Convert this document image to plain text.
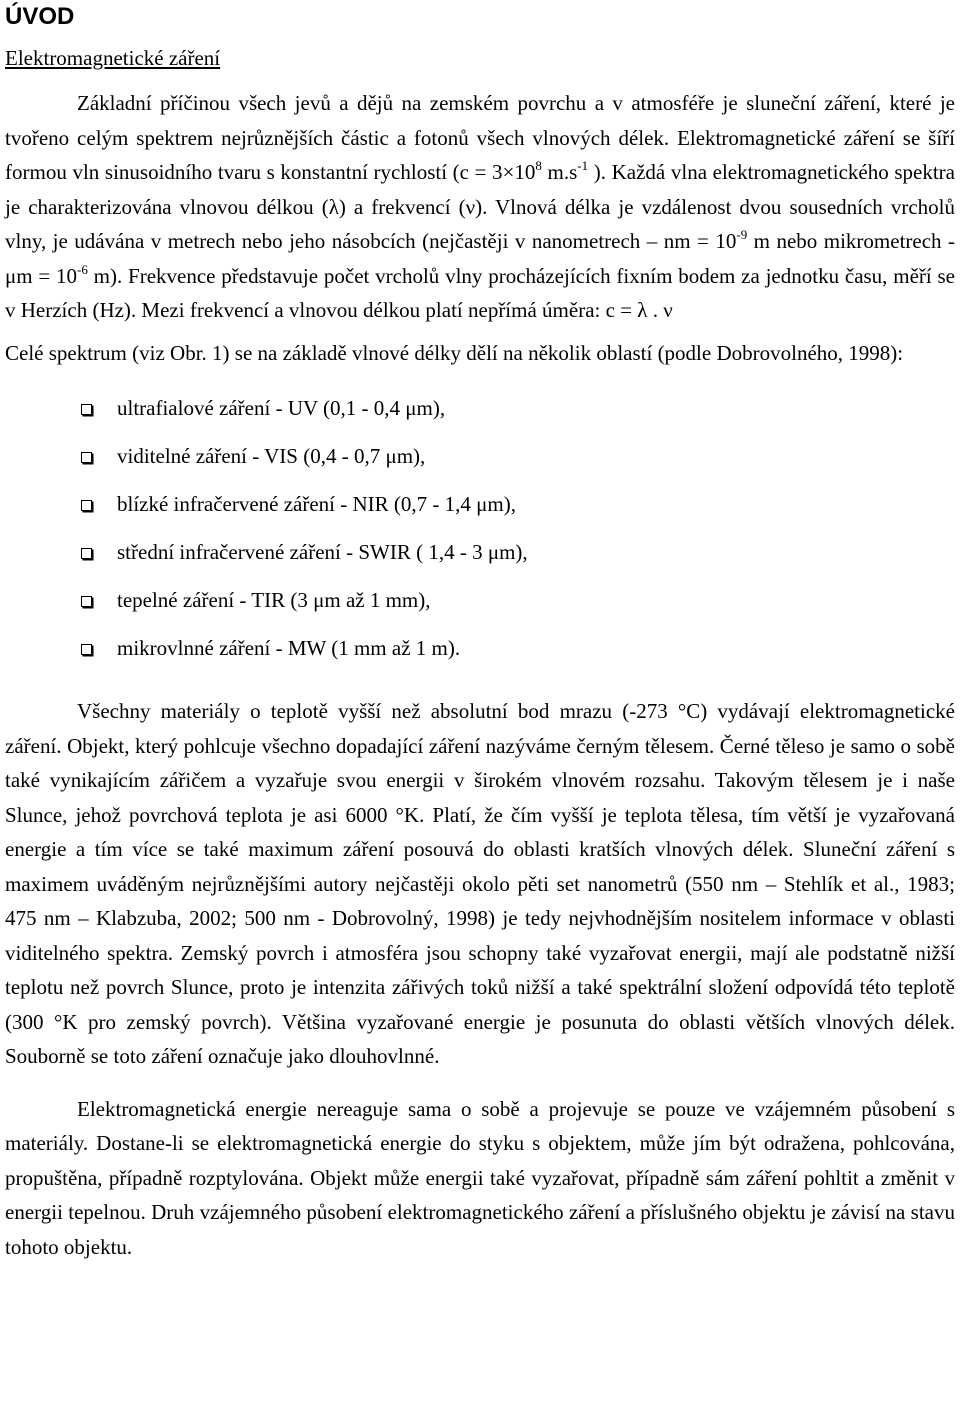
ÚVOD
Elektromagnetické záření

Základní příčinou všech jevů a dějů na zemském povrchu a v atmosféře je sluneční záření, které je tvořeno celým spektrem nejrůznějších částic a fotonů všech vlnových délek. Elektromagnetické záření se šíří formou vln sinusoidního tvaru s konstantní rychlostí ($c = 3\times 10^8$ $m.s^{-1}$ ). Každá vlna elektromagnetického spektra je charakterizována vlnovou délkou (λ) a frekvencí (ν). Vlnová délka je vzdálenost dvou sousedních vrcholů vlny, je udávána v metrech nebo jeho násobcích (nejčastěji v nanometrech – nm = $10^{-9}$ m nebo mikrometrech - $\mu m = 10^{-6}$ m). Frekvence představuje počet vrcholů vlny procházejících fixním bodem za jednotku času, měří se v Herzích (Hz). Mezi frekvencí a vlnovou délkou platí nepřímá úměra: c = λ . ν

Celé spektrum (viz Obr. 1) se na základě vlnové délky dělí na několik oblastí (podle Dobrovolného, 1998):

ultrafialové záření - UV (0,1 - 0,4 μm),
viditelné záření - VIS (0,4 - 0,7 μm),
blízké infračervené záření - NIR (0,7 - 1,4 μm),
střední infračervené záření - SWIR ( 1,4 - 3 μm),
tepelné záření - TIR (3 μm až 1 mm),
mikrovlnné záření - MW (1 mm až 1 m).

Všechny materiály o teplotě vyšší než absolutní bod mrazu (-273 °C) vydávají elektromagnetické záření. Objekt, který pohlcuje všechno dopadající záření nazýváme černým tělesem. Černé těleso je samo o sobě také vynikajícím zářičem a vyzařuje svou energii v širokém vlnovém rozsahu. Takovým tělesem je i naše Slunce, jehož povrchová teplota je asi 6000 °K. Platí, že čím vyšší je teplota tělesa, tím větší je vyzařovaná energie a tím více se také maximum záření posouvá do oblasti kratších vlnových délek. Sluneční záření s maximem uváděným nejrůznějšími autory nejčastěji okolo pěti set nanometrů (550 nm – Stehlík et al., 1983; 475 nm – Klabzuba, 2002; 500 nm - Dobrovolný, 1998) je tedy nejvhodnějším nositelem informace v oblasti viditelného spektra. Zemský povrch i atmosféra jsou schopny také vyzařovat energii, mají ale podstatně nižší teplotu než povrch Slunce, proto je intenzita zářivých toků nižší a také spektrální složení odpovídá této teplotě (300 °K pro zemský povrch). Většina vyzařované energie je posunuta do oblasti větších vlnových délek. Souborně se toto záření označuje jako dlouhovlnné.

Elektromagnetická energie nereaguje sama o sobě a projevuje se pouze ve vzájemném působení s materiály. Dostane-li se elektromagnetická energie do styku s objektem, může jím být odražena, pohlcována, propuštěna, případně rozptylována. Objekt může energii také vyzařovat, případně sám záření pohltit a změnit v energii tepelnou. Druh vzájemného působení elektromagnetického záření a příslušného objektu je závisí na stavu tohoto objektu.
